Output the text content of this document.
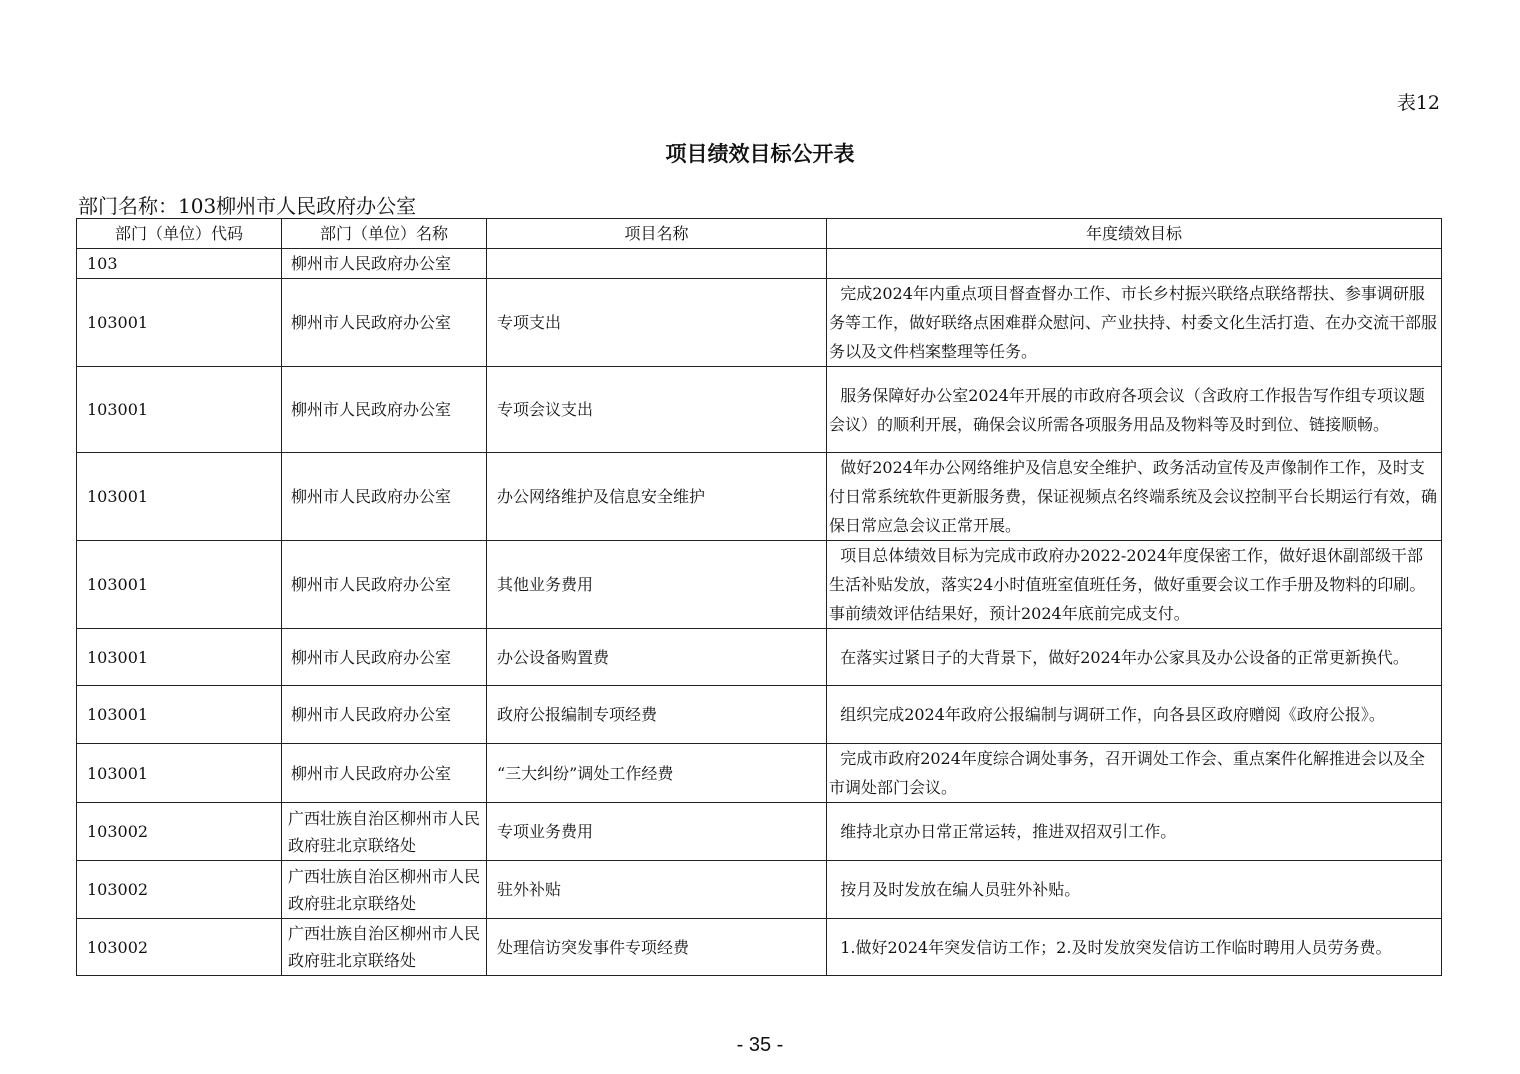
表12
项目绩效目标公开表
部门名称：103柳州市人民政府办公室
部门（单位）代码	部门（单位）名称	项目名称	年度绩效目标
103	柳州市人民政府办公室		
103001	柳州市人民政府办公室	专项支出	完成2024年内重点项目督查督办工作、市长乡村振兴联络点联络帮扶、参事调研服务等工作，做好联络点困难群众慰问、产业扶持、村委文化生活打造、在办交流干部服务以及文件档案整理等任务。
103001	柳州市人民政府办公室	专项会议支出	服务保障好办公室2024年开展的市政府各项会议（含政府工作报告写作组专项议题会议）的顺利开展，确保会议所需各项服务用品及物料等及时到位、链接顺畅。
103001	柳州市人民政府办公室	办公网络维护及信息安全维护	做好2024年办公网络维护及信息安全维护、政务活动宣传及声像制作工作，及时支付日常系统软件更新服务费，保证视频点名终端系统及会议控制平台长期运行有效，确保日常应急会议正常开展。
103001	柳州市人民政府办公室	其他业务费用	项目总体绩效目标为完成市政府办2022-2024年度保密工作，做好退休副部级干部生活补贴发放，落实24小时值班室值班任务，做好重要会议工作手册及物料的印刷。事前绩效评估结果好，预计2024年底前完成支付。
103001	柳州市人民政府办公室	办公设备购置费	在落实过紧日子的大背景下，做好2024年办公家具及办公设备的正常更新换代。
103001	柳州市人民政府办公室	政府公报编制专项经费	组织完成2024年政府公报编制与调研工作，向各县区政府赠阅《政府公报》。
103001	柳州市人民政府办公室	“三大纠纷”调处工作经费	完成市政府2024年度综合调处事务，召开调处工作会、重点案件化解推进会以及全市调处部门会议。
103002	广西壮族自治区柳州市人民政府驻北京联络处	专项业务费用	维持北京办日常正常运转，推进双招双引工作。
103002	广西壮族自治区柳州市人民政府驻北京联络处	驻外补贴	按月及时发放在编人员驻外补贴。
103002	广西壮族自治区柳州市人民政府驻北京联络处	处理信访突发事件专项经费	1.做好2024年突发信访工作；2.及时发放突发信访工作临时聘用人员劳务费。
- 35 -
